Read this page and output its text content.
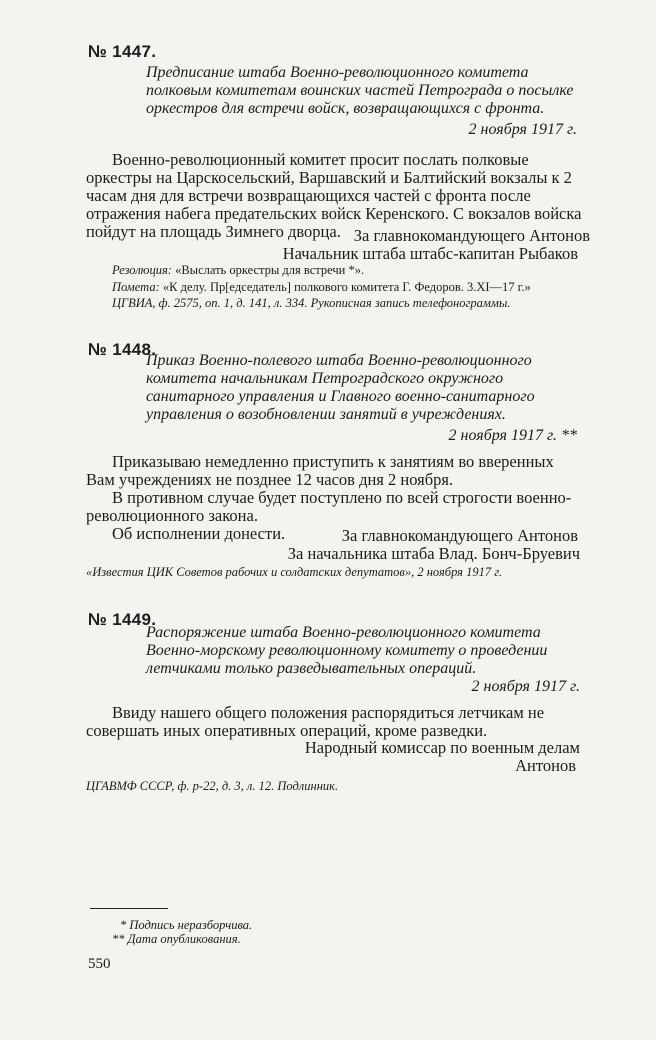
№ 1447.
Предписание штаба Военно-революционного комитета полковым комитетам воинских частей Петрограда о посылке оркестров для встречи войск, возвращающихся с фронта.
2 ноября 1917 г.

Военно-революционный комитет просит послать полковые оркестры на Царскосельский, Варшавский и Балтийский вокзалы к 2 часам дня для встречи возвращающихся частей с фронта после отражения набега предательских войск Керенского. С вокзалов войска пойдут на площадь Зимнего дворца. За главнокомандующего Антонов
Начальник штаба штабс-капитан Рыбаков
Резолюция: «Выслать оркестры для встречи *».
Помета: «К делу. Пр[едседатель] полкового комитета Г. Федоров. 3.XI—17 г.»
ЦГВИА, ф. 2575, оп. 1, д. 141, л. 334. Рукописная запись телефонограммы.
№ 1448.
Приказ Военно-полевого штаба Военно-революционного комитета начальникам Петроградского окружного санитарного управления и Главного военно-санитарного управления о возобновлении занятий в учреждениях.
2 ноября 1917 г. **

Приказываю немедленно приступить к занятиям во вверенных Вам учреждениях не позднее 12 часов дня 2 ноября.

В противном случае будет поступлено по всей строгости военно-революционного закона.

Об исполнении донести.	За главнокомандующего Антонов
За начальника штаба Влад. Бонч-Бруевич
«Известия ЦИК Советов рабочих и солдатских депутатов», 2 ноября 1917 г.
№ 1449.
Распоряжение штаба Военно-революционного комитета Военно-морскому революционному комитету о проведении летчиками только разведывательных операций.
2 ноября 1917 г.

Ввиду нашего общего положения распорядиться летчикам не совершать иных оперативных операций, кроме разведки.

Народный комиссар по военным делам
Антонов
ЦГАВМФ СССР, ф. р-22, д. 3, л. 12. Подлинник.
* Подпись неразборчива.
** Дата опубликования.
550
